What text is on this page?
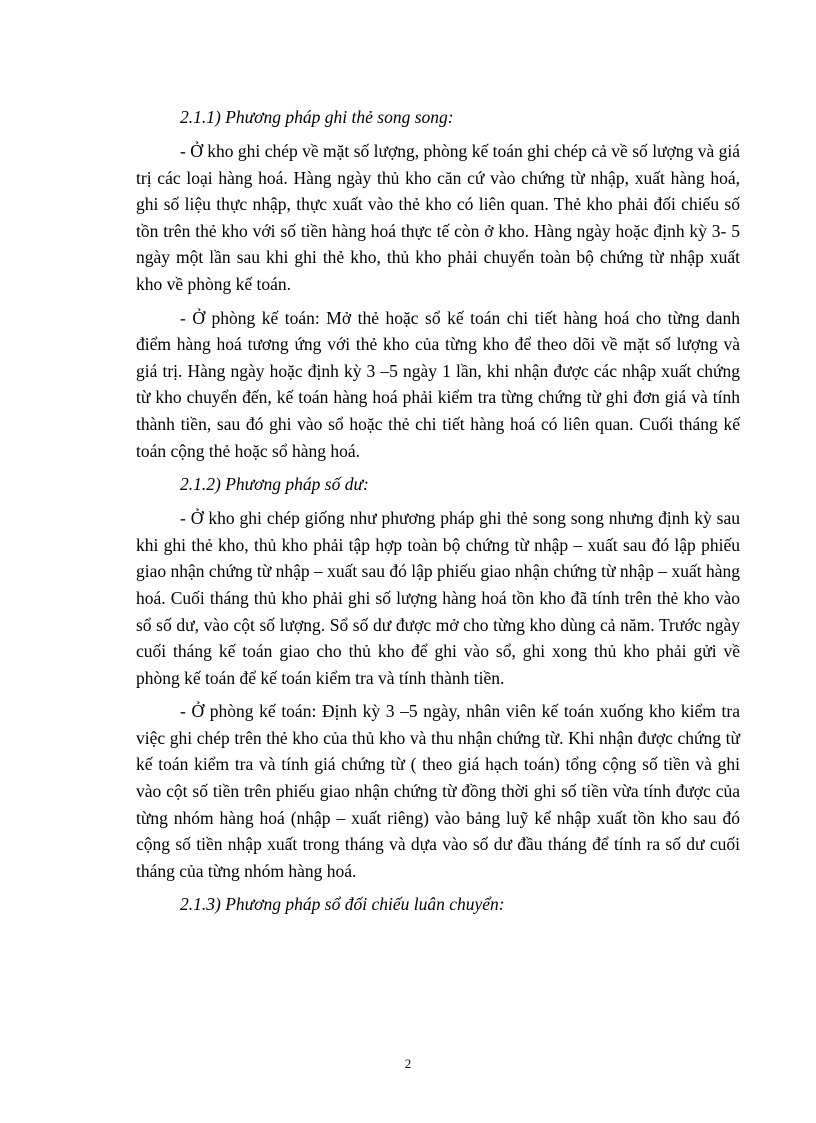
2.1.1) Phương pháp ghi thẻ song song:

- Ở kho ghi chép về mặt số lượng, phòng kế toán ghi chép cả về số lượng và giá trị các loại hàng hoá. Hàng ngày thủ kho căn cứ vào chứng từ nhập, xuất hàng hoá, ghi số liệu thực nhập, thực xuất vào thẻ kho có liên quan. Thẻ kho phải đối chiếu số tồn trên thẻ kho với số tiền hàng hoá thực tế còn ở kho. Hàng ngày hoặc định kỳ 3- 5 ngày một lần sau khi ghi thẻ kho, thủ kho phải chuyển toàn bộ chứng từ nhập xuất kho về phòng kế toán.

- Ở phòng kế toán: Mở thẻ hoặc sổ kế toán chi tiết hàng hoá cho từng danh điểm hàng hoá tương ứng với thẻ kho của từng kho để theo dõi về mặt số lượng và giá trị. Hàng ngày hoặc định kỳ 3 –5 ngày 1 lần, khi nhận được các nhập xuất chứng từ kho chuyển đến, kế toán hàng hoá phải kiểm tra từng chứng từ ghi đơn giá và tính thành tiền, sau đó ghi vào sổ hoặc thẻ chi tiết hàng hoá có liên quan. Cuối tháng kế toán cộng thẻ hoặc sổ hàng hoá.

2.1.2) Phương pháp số dư:

- Ở kho ghi chép giống như phương pháp ghi thẻ song song nhưng định kỳ sau khi ghi thẻ kho, thủ kho phải tập hợp toàn bộ chứng từ nhập – xuất sau đó lập phiếu giao nhận chứng từ nhập – xuất sau đó lập phiếu giao nhận chứng từ nhập – xuất hàng hoá. Cuối tháng thủ kho phải ghi số lượng hàng hoá tồn kho đã tính trên thẻ kho vào sổ số dư, vào cột số lượng. Sổ số dư được mở cho từng kho dùng cả năm. Trước ngày cuối tháng kế toán giao cho thủ kho để ghi vào sổ, ghi xong thủ kho phải gửi về phòng kế toán để kế toán kiểm tra và tính thành tiền.

- Ở phòng kế toán: Định kỳ 3 –5 ngày, nhân viên kế toán xuống kho kiểm tra việc ghi chép trên thẻ kho của thủ kho và thu nhận chứng từ. Khi nhận được chứng từ kế toán kiểm tra và tính giá chứng từ ( theo giá hạch toán) tổng cộng số tiền và ghi vào cột số tiền trên phiếu giao nhận chứng từ đồng thời ghi số tiền vừa tính được của từng nhóm hàng hoá (nhập – xuất riêng) vào bảng luỹ kế nhập xuất tồn kho sau đó cộng số tiền nhập xuất trong tháng và dựa vào số dư đầu tháng để tính ra số dư cuối tháng của từng nhóm hàng hoá.

2.1.3) Phương pháp sổ đối chiếu luân chuyển:
2
